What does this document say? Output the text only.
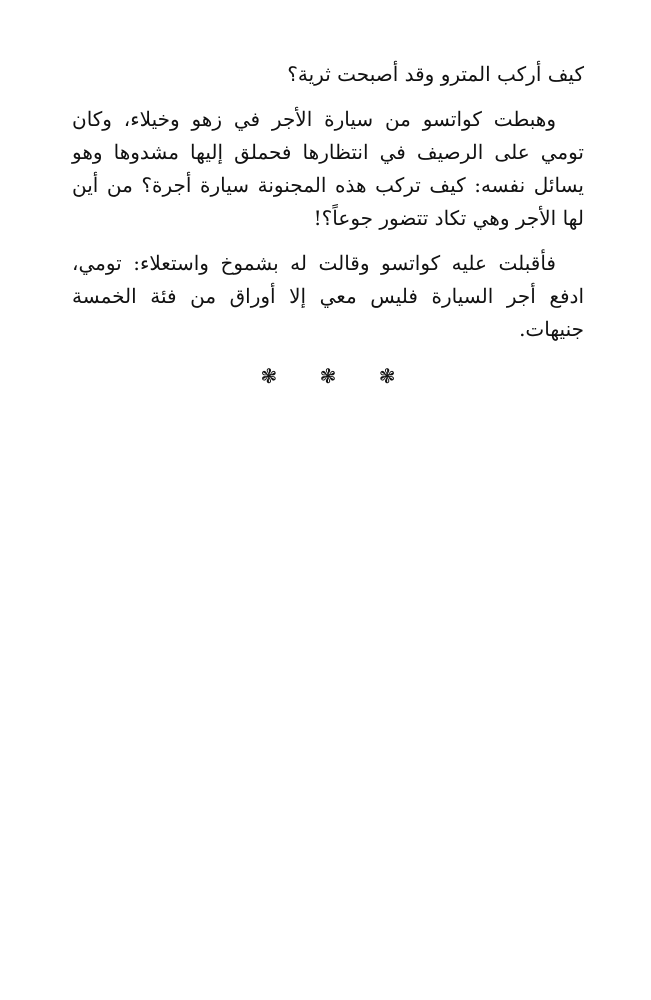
كيف أركب المترو وقد أصبحت ثرية؟

وهبطت كواتسو من سيارة الأجر في زهو وخيلاء، وكان تومي على الرصيف في انتظارها فحملق إليها مشدوها وهو يسائل نفسه: كيف تركب هذه المجنونة سيارة أجرة؟ من أين لها الأجر وهي تكاد تتضور جوعاً؟!

فأقبلت عليه كواتسو وقالت له بشموخ واستعلاء: تومي، ادفع أجر السيارة فليس معي إلا أوراق من فئة الخمسة جنيهات.

❃ ❃ ❃
